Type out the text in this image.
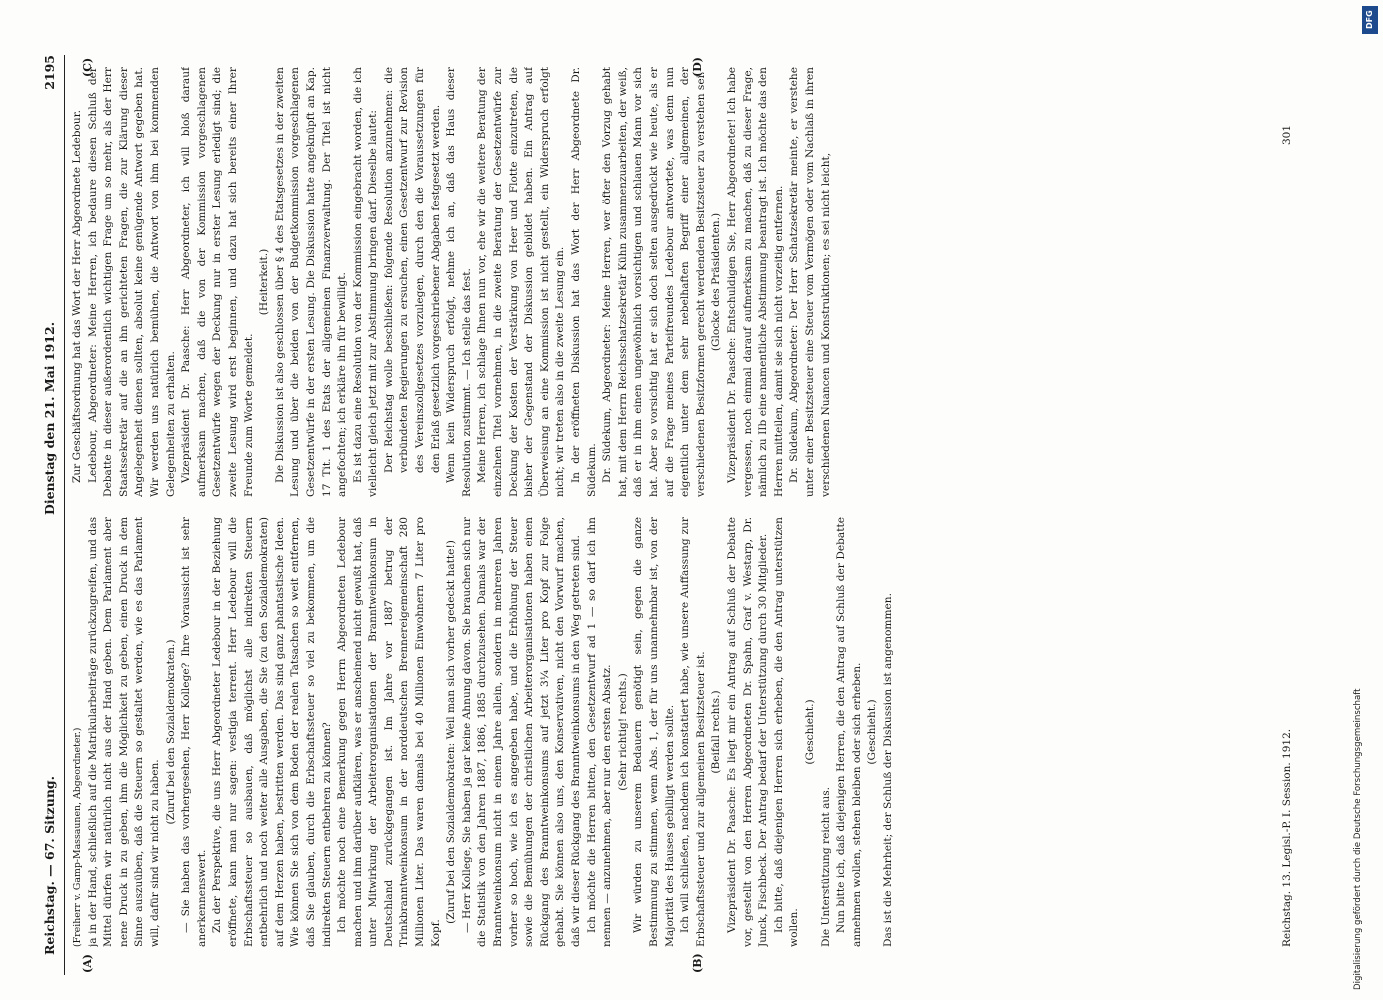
Reichstag. — 67. Sitzung.
Dienstag den 21. Mai 1912.
2195
(A)	(B)
(C)	(D)

(Freiherr v. Gamp-Massaunen, Abgeordneter.) ja in der Hand, schließlich auf die Matrikularbeiträge zurückzugreifen, und das Mittel dürfen wir natürlich nicht aus der Hand geben. Dem Parlament aber nene Druck in zu geben, ihm die Möglichkeit zu geben, einen Druck in dem Sinne auszuüben, daß die Steuern so gestaltet werden, wie es das Parlament will, dafür sind wir nicht zu haben.

(Zuruf bei den Sozialdemokraten.) — Sie haben das vorhergesehen, Herr Kollege? Ihre Voraussicht ist sehr anerkennenswert. Zu der Perspektive, die uns Herr Abgeordneter Ledebour in der Beziehung eröffnete, kann man nur sagen: vestigia terrent. Herr Ledebour will die Erbschaftssteuer so ausbauen, daß möglichst alle indirekten Steuern entbehrlich und noch weiter alle Ausgaben, die Sie (zu den Sozialdemokraten) auf dem Herzen haben, bestritten werden. Das sind ganz phantastische Ideen. Wie können Sie sich von dem Boden der realen Tatsachen so weit entfernen, daß Sie glauben, durch die Erbschaftssteuer so viel zu bekommen, um die indirekten Steuern entbehren zu können? Ich möchte noch eine Bemerkung gegen Herrn Abgeordneten Ledebour machen und ihm darüber aufklären, was er anscheinend nicht gewußt hat, daß unter Mitwirkung der Arbeiterorganisationen der Branntweinkonsum in Deutschland zurückgegangen ist. Im Jahre vor 1887 betrug der Trinkbranntweinkonsum in der norddeutschen Brennereigemeinschaft 280 Millionen Liter. Das waren damals bei 40 Millionen Einwohnern 7 Liter pro Kopf.

(Zuruf bei den Sozialdemokraten: Weil man sich vorher gedeckt hatte!) — Herr Kollege, Sie haben ja gar keine Ahnung davon. Sie brauchen sich nur die Statistik von den Jahren 1887, 1886, 1885 durchzusehen. Damals war der Branntweinkonsum nicht in einem Jahre allein, sondern in mehreren Jahren vorher so hoch, wie ich es angegeben habe, und die Erhöhung der Steuer sowie die Bemühungen der christlichen Arbeiterorganisationen haben einen Rückgang des Branntweinkonsums auf jetzt 3¼ Liter pro Kopf zur Folge gehabt. Sie können also uns, den Konservativen, nicht den Vorwurf machen, daß wir dieser Rückgang des Branntweinkonsums in den Weg getreten sind. Ich möchte die Herren bitten, den Gesetzentwurf ad 1 — so darf ich ihn nennen — anzunehmen, aber nur den ersten Absatz. (Sehr richtig! rechts.) Wir würden zu unserem Bedauern genötigt sein, gegen die ganze Bestimmung zu stimmen, wenn Abs. 1, der für uns unannehmbar ist, von der Majorität des Hauses gebilligt werden sollte. Ich will schließen, nachdem ich konstatiert habe, wie unsere Auffassung zur Erbschaftssteuer und zur allgemeinen Besitzsteuer ist. (Beifall rechts.) Vizepräsident Dr. Paasche: Es liegt mir ein Antrag auf Schluß der Debatte vor, gestellt von den Herren Abgeordneten Dr. Spahn, Graf v. Westarp, Dr. Junck, Fischbeck. Der Antrag bedarf der Unterstützung durch 30 Mitglieder. Ich bitte, daß diejenigen Herren sich erheben, die den Antrag unterstützen wollen.

(Geschieht.)

Die Unterstützung reicht aus. Nun bitte ich, daß diejenigen Herren, die den Antrag auf Schluß der Debatte annehmen wollen, stehen bleiben oder sich erheben. (Geschieht.) Das ist die Mehrheit; der Schluß der Diskussion ist angenommen.

Zur Geschäftsordnung hat das Wort der Herr Abgeordnete Ledebour. Ledebour, Abgeordneter: Meine Herren, ich bedaure diesen Schluß der Debatte in dieser außerordentlich wichtigen Frage um so mehr, als der Herr Staatssekretär auf die an ihn gerichteten Fragen, die zur Klärung dieser Angelegenheit dienen sollten, absolut keine genügende Antwort gegeben hat. Wir werden uns natürlich bemühen, die Antwort von ihm bei kommenden Gelegenheiten zu erhalten. Vizepräsident Dr. Paasche: Herr Abgeordneter, ich will bloß darauf aufmerksam machen, daß die von der Kommission vorgeschlagenen Gesetzentwürfe wegen der Deckung nur in erster Lesung erledigt sind; die zweite Lesung wird erst beginnen, und dazu hat sich bereits einer Ihrer Freunde zum Worte gemeldet.

(Heiterkeit.) Die Diskussion ist also geschlossen über § 4 des Etatsgesetzes in der zweiten Lesung und über die beiden von der Budgetkommission vorgeschlagenen Gesetzentwürfe in der ersten Lesung. Die Diskussion hatte angeknüpft an Kap. 17 Tit. 1 des Etats der allgemeinen Finanzverwaltung. Der Titel ist nicht angefochten; ich erkläre ihn für bewilligt. Es ist dazu eine Resolution von der Kommission eingebracht worden, die ich vielleicht gleich jetzt mit zur Abstimmung bringen darf. Dieselbe lautet: Der Reichstag wolle beschließen: folgende Resolution anzunehmen: die verbündeten Regierungen zu ersuchen, einen Gesetzentwurf zur Revision des Vereinszollgesetzes vorzulegen, durch den die Voraussetzungen für den Erlaß gesetzlich vorgeschriebener Abgaben festgesetzt werden. Wenn kein Widerspruch erfolgt, nehme ich an, daß das Haus dieser Resolution zustimmt. — Ich stelle das fest. Meine Herren, ich schlage Ihnen nun vor, ehe wir die weitere Beratung der einzelnen Titel vornehmen, in die zweite Beratung der Gesetzentwürfe zur Deckung der Kosten der Verstärkung von Heer und Flotte einzutreten, die bisher der Gegenstand der Diskussion gebildet haben. Ein Antrag auf Überweisung an eine Kommission ist nicht gestellt, ein Widerspruch erfolgt nicht; wir treten also in die zweite Lesung ein. In der eröffneten Diskussion hat das Wort der Herr Abgeordnete Dr. Südekum. Dr. Südekum, Abgeordneter: Meine Herren, wer öfter den Vorzug gehabt hat, mit dem Herrn Reichsschatzsekretär Kühn zusammenzuarbeiten, der weiß, daß er in ihm einen ungewöhnlich vorsichtigen und schlauen Mann vor sich hat. Aber so vorsichtig hat er sich doch selten ausgedrückt wie heute, als er auf die Frage meines Parteifreundes Ledebour antwortete, was denn nun eigentlich unter dem sehr nebelhaften Begriff einer allgemeinen, der verschiedenen Besitzformen gerecht werdenden Besitzsteuer zu verstehen sei. (Glocke des Präsidenten.) Vizepräsident Dr. Paasche: Entschuldigen Sie, Herr Abgeordneter! Ich habe vergessen, noch einmal darauf aufmerksam zu machen, daß zu dieser Frage, nämlich zu IIb eine namentliche Abstimmung beantragt ist. Ich möchte das den Herren mitteilen, damit sie sich nicht vorzeitig entfernen. Dr. Südekum, Abgeordneter: Der Herr Schatzsekretär meinte, er verstehe unter einer Besitzsteuer eine Steuer vom Vermögen oder vom Nachlaß in ihren verschiedenen Nuancen und Konstruktionen; es sei nicht leicht,

Reichstag. 13. Legisl.-P. I. Session. 1912.
301
DFG
Digitalisierung gefördert durch die Deutsche Forschungsgemeinschaft
